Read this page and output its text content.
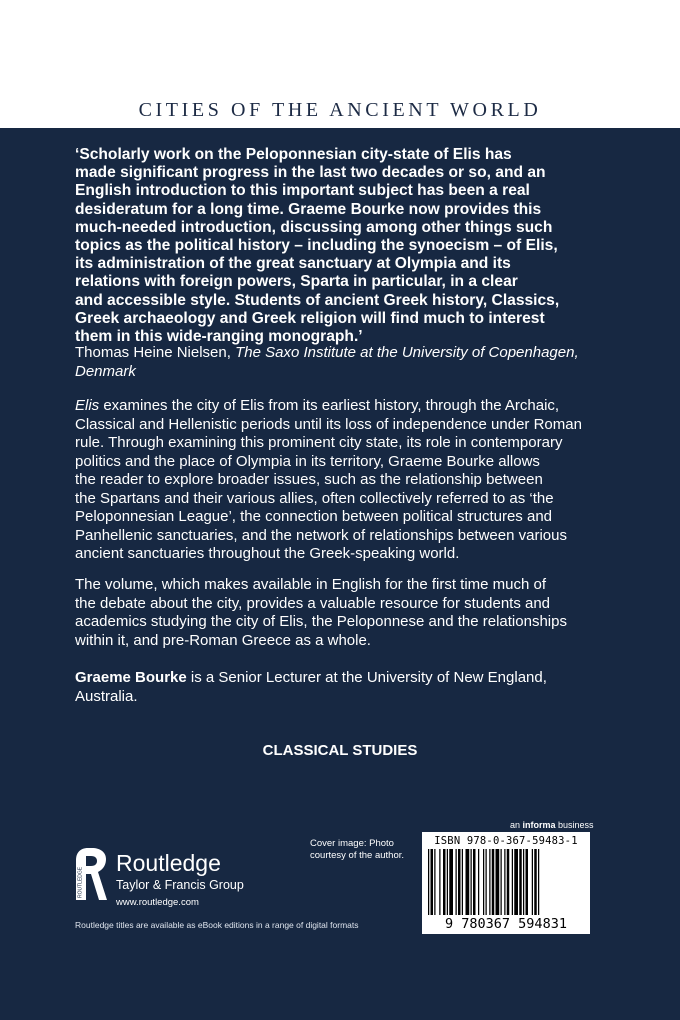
CITIES OF THE ANCIENT WORLD
‘Scholarly work on the Peloponnesian city-state of Elis has
made significant progress in the last two decades or so, and an
English introduction to this important subject has been a real
desideratum for a long time. Graeme Bourke now provides this
much-needed introduction, discussing among other things such
topics as the political history – including the synoecism – of Elis,
its administration of the great sanctuary at Olympia and its
relations with foreign powers, Sparta in particular, in a clear
and accessible style. Students of ancient Greek history, Classics,
Greek archaeology and Greek religion will find much to interest
them in this wide-ranging monograph.’
Thomas Heine Nielsen, The Saxo Institute at the University of Copenhagen,
Denmark
Elis examines the city of Elis from its earliest history, through the Archaic,
Classical and Hellenistic periods until its loss of independence under Roman
rule. Through examining this prominent city state, its role in contemporary
politics and the place of Olympia in its territory, Graeme Bourke allows
the reader to explore broader issues, such as the relationship between
the Spartans and their various allies, often collectively referred to as ‘the
Peloponnesian League’, the connection between political structures and
Panhellenic sanctuaries, and the network of relationships between various
ancient sanctuaries throughout the Greek-speaking world.
The volume, which makes available in English for the first time much of
the debate about the city, provides a valuable resource for students and
academics studying the city of Elis, the Peloponnese and the relationships
within it, and pre-Roman Greece as a whole.
Graeme Bourke is a Senior Lecturer at the University of New England,
Australia.
CLASSICAL STUDIES
an informa business
ROUTLEDGE
Routledge
Taylor & Francis Group
www.routledge.com
Routledge titles are available as eBook editions in a range of digital formats
Cover image: Photo
courtesy of the author.
ISBN 978-0-367-59483-1
9 780367 594831
